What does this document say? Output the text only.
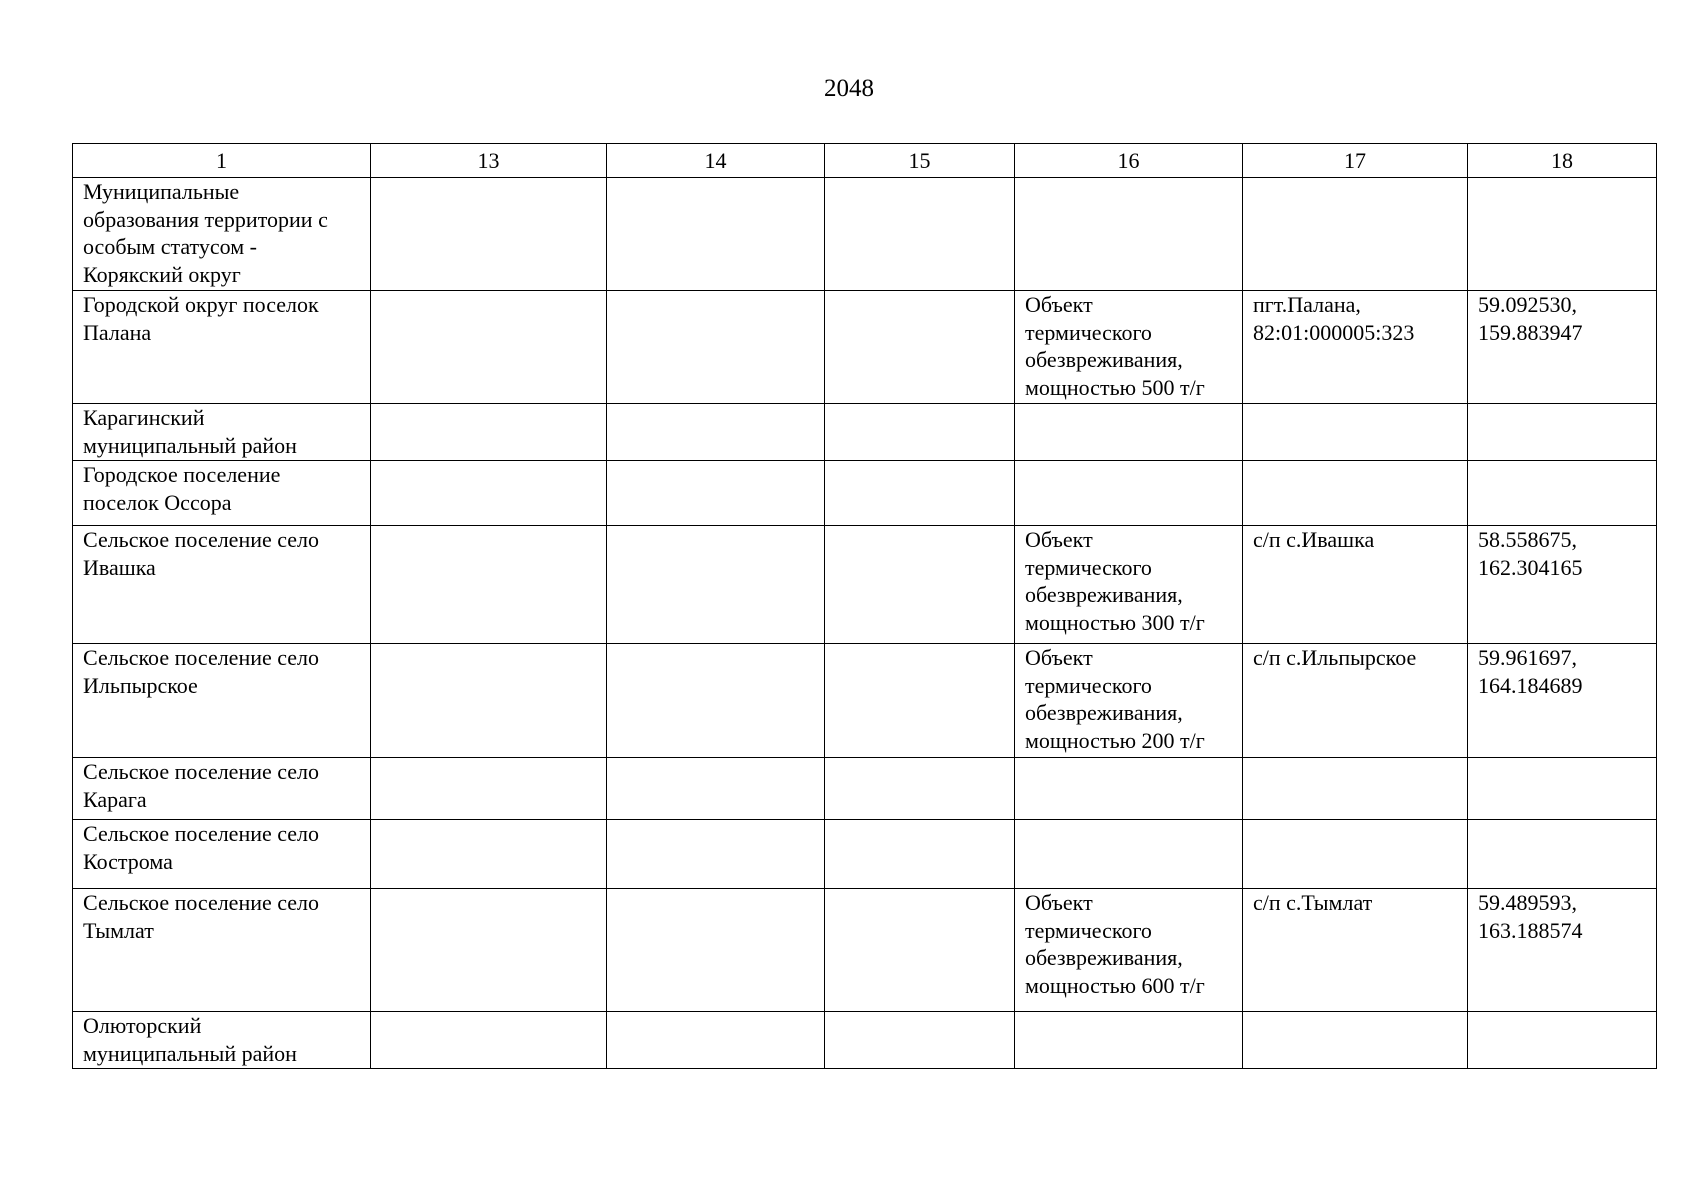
2048
1	13	14	15	16	17	18

Муниципальные
образования территории с
особым статусом -
Корякский округ						

Городской округ поселок
Палана				Объект
термического
обезвреживания,
мощностью 500 т/г	пгт.Палана,
82:01:000005:323	59.092530,
159.883947

Карагинский
муниципальный район						

Городское поселение
поселок Оссора						

Сельское поселение село
Ивашка				Объект
термического
обезвреживания,
мощностью 300 т/г	с/п с.Ивашка	58.558675,
162.304165

Сельское поселение село
Ильпырское				Объект
термического
обезвреживания,
мощностью 200 т/г	с/п с.Ильпырское	59.961697,
164.184689

Сельское поселение село
Карага						

Сельское поселение село
Кострома						

Сельское поселение село
Тымлат				Объект
термического
обезвреживания,
мощностью 600 т/г	с/п с.Тымлат	59.489593,
163.188574

Олюторский
муниципальный район						
